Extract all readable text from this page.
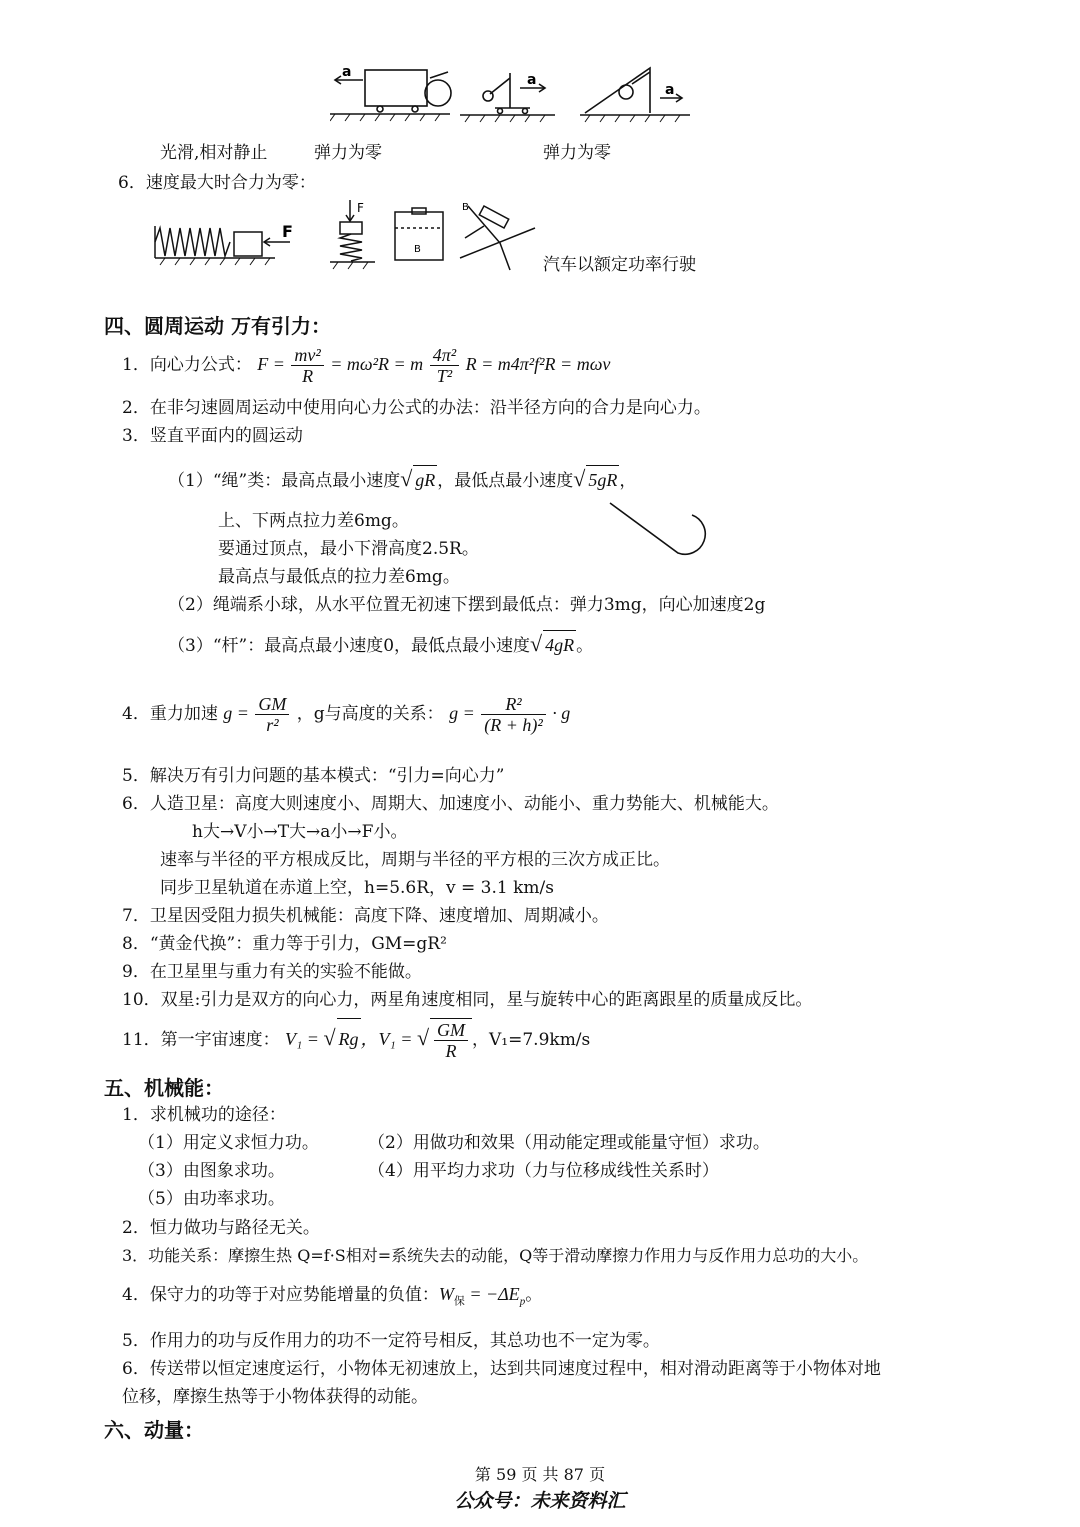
a	a
a
光滑,相对静止	弹力为零	弹力为零
6．速度最大时合力为零：
F
F
B
B
汽车以额定功率行驶
四、圆周运动 万有引力：
1．向心力公式： $F = \frac{\text{mv²}}{R} = m\omega^2R = m \frac{\text{4π²}}{\text{T²}}$ R = m4π²f²R = mωv
2．在非匀速圆周运动中使用向心力公式的办法：沿半径方向的合力是向心力。
3．竖直平面内的圆运动
（1）“绳”类：最高点最小速度√ gR ，最低点最小速度√ 5gR ，
上、下两点拉力差6mg。
要通过顶点，最小下滑高度2.5R。
最高点与最低点的拉力差6mg。
（2）绳端系小球，从水平位置无初速下摆到最低点：弹力3mg，向心加速度2g
（3）“杆”：最高点最小速度0，最低点最小速度√ 4gR 。
4．重力加速 $g = \frac{GM}{\text{r²}}$ ，g与高度的关系： $g = \frac{\text{R²}}{\text{(R + h)²}} \cdot g$
5．解决万有引力问题的基本模式：“引力=向心力”
6．人造卫星：高度大则速度小、周期大、加速度小、动能小、重力势能大、机械能大。
h大→V小→T大→a小→F小。
速率与半径的平方根成反比，周期与半径的平方根的三次方成正比。
同步卫星轨道在赤道上空，h=5.6R，v = 3.1 km/s
7．卫星因受阻力损失机械能：高度下降、速度增加、周期减小。
8．“黄金代换”：重力等于引力，GM=gR²
9．在卫星里与重力有关的实验不能做。
10．双星:引力是双方的向心力，两星角速度相同，星与旋转中心的距离跟星的质量成反比。
11．第一宇宙速度： V₁ = √ Rg ，V₁ = √ $\frac{GM}{R}$ ，V₁=7.9km/s
五、机械能：
1．求机械功的途径：
（1）用定义求恒力功。	（2）用做功和效果（用动能定理或能量守恒）求功。
（3）由图象求功。	（4）用平均力求功（力与位移成线性关系时）
（5）由功率求功。
2．恒力做功与路径无关。
3．功能关系：摩擦生热 Q=f·S相对=系统失去的动能，Q等于滑动摩擦力作用力与反作用力总功的大小。
4．保守力的功等于对应势能增量的负值：$W_保 = -\Delta E_p$。
5．作用力的功与反作用力的功不一定符号相反，其总功也不一定为零。
6．传送带以恒定速度运行，小物体无初速放上，达到共同速度过程中，相对滑动距离等于小物体对地
位移，摩擦生热等于小物体获得的动能。
六、动量：
第 59 页 共 87 页
公众号：未来资料汇
